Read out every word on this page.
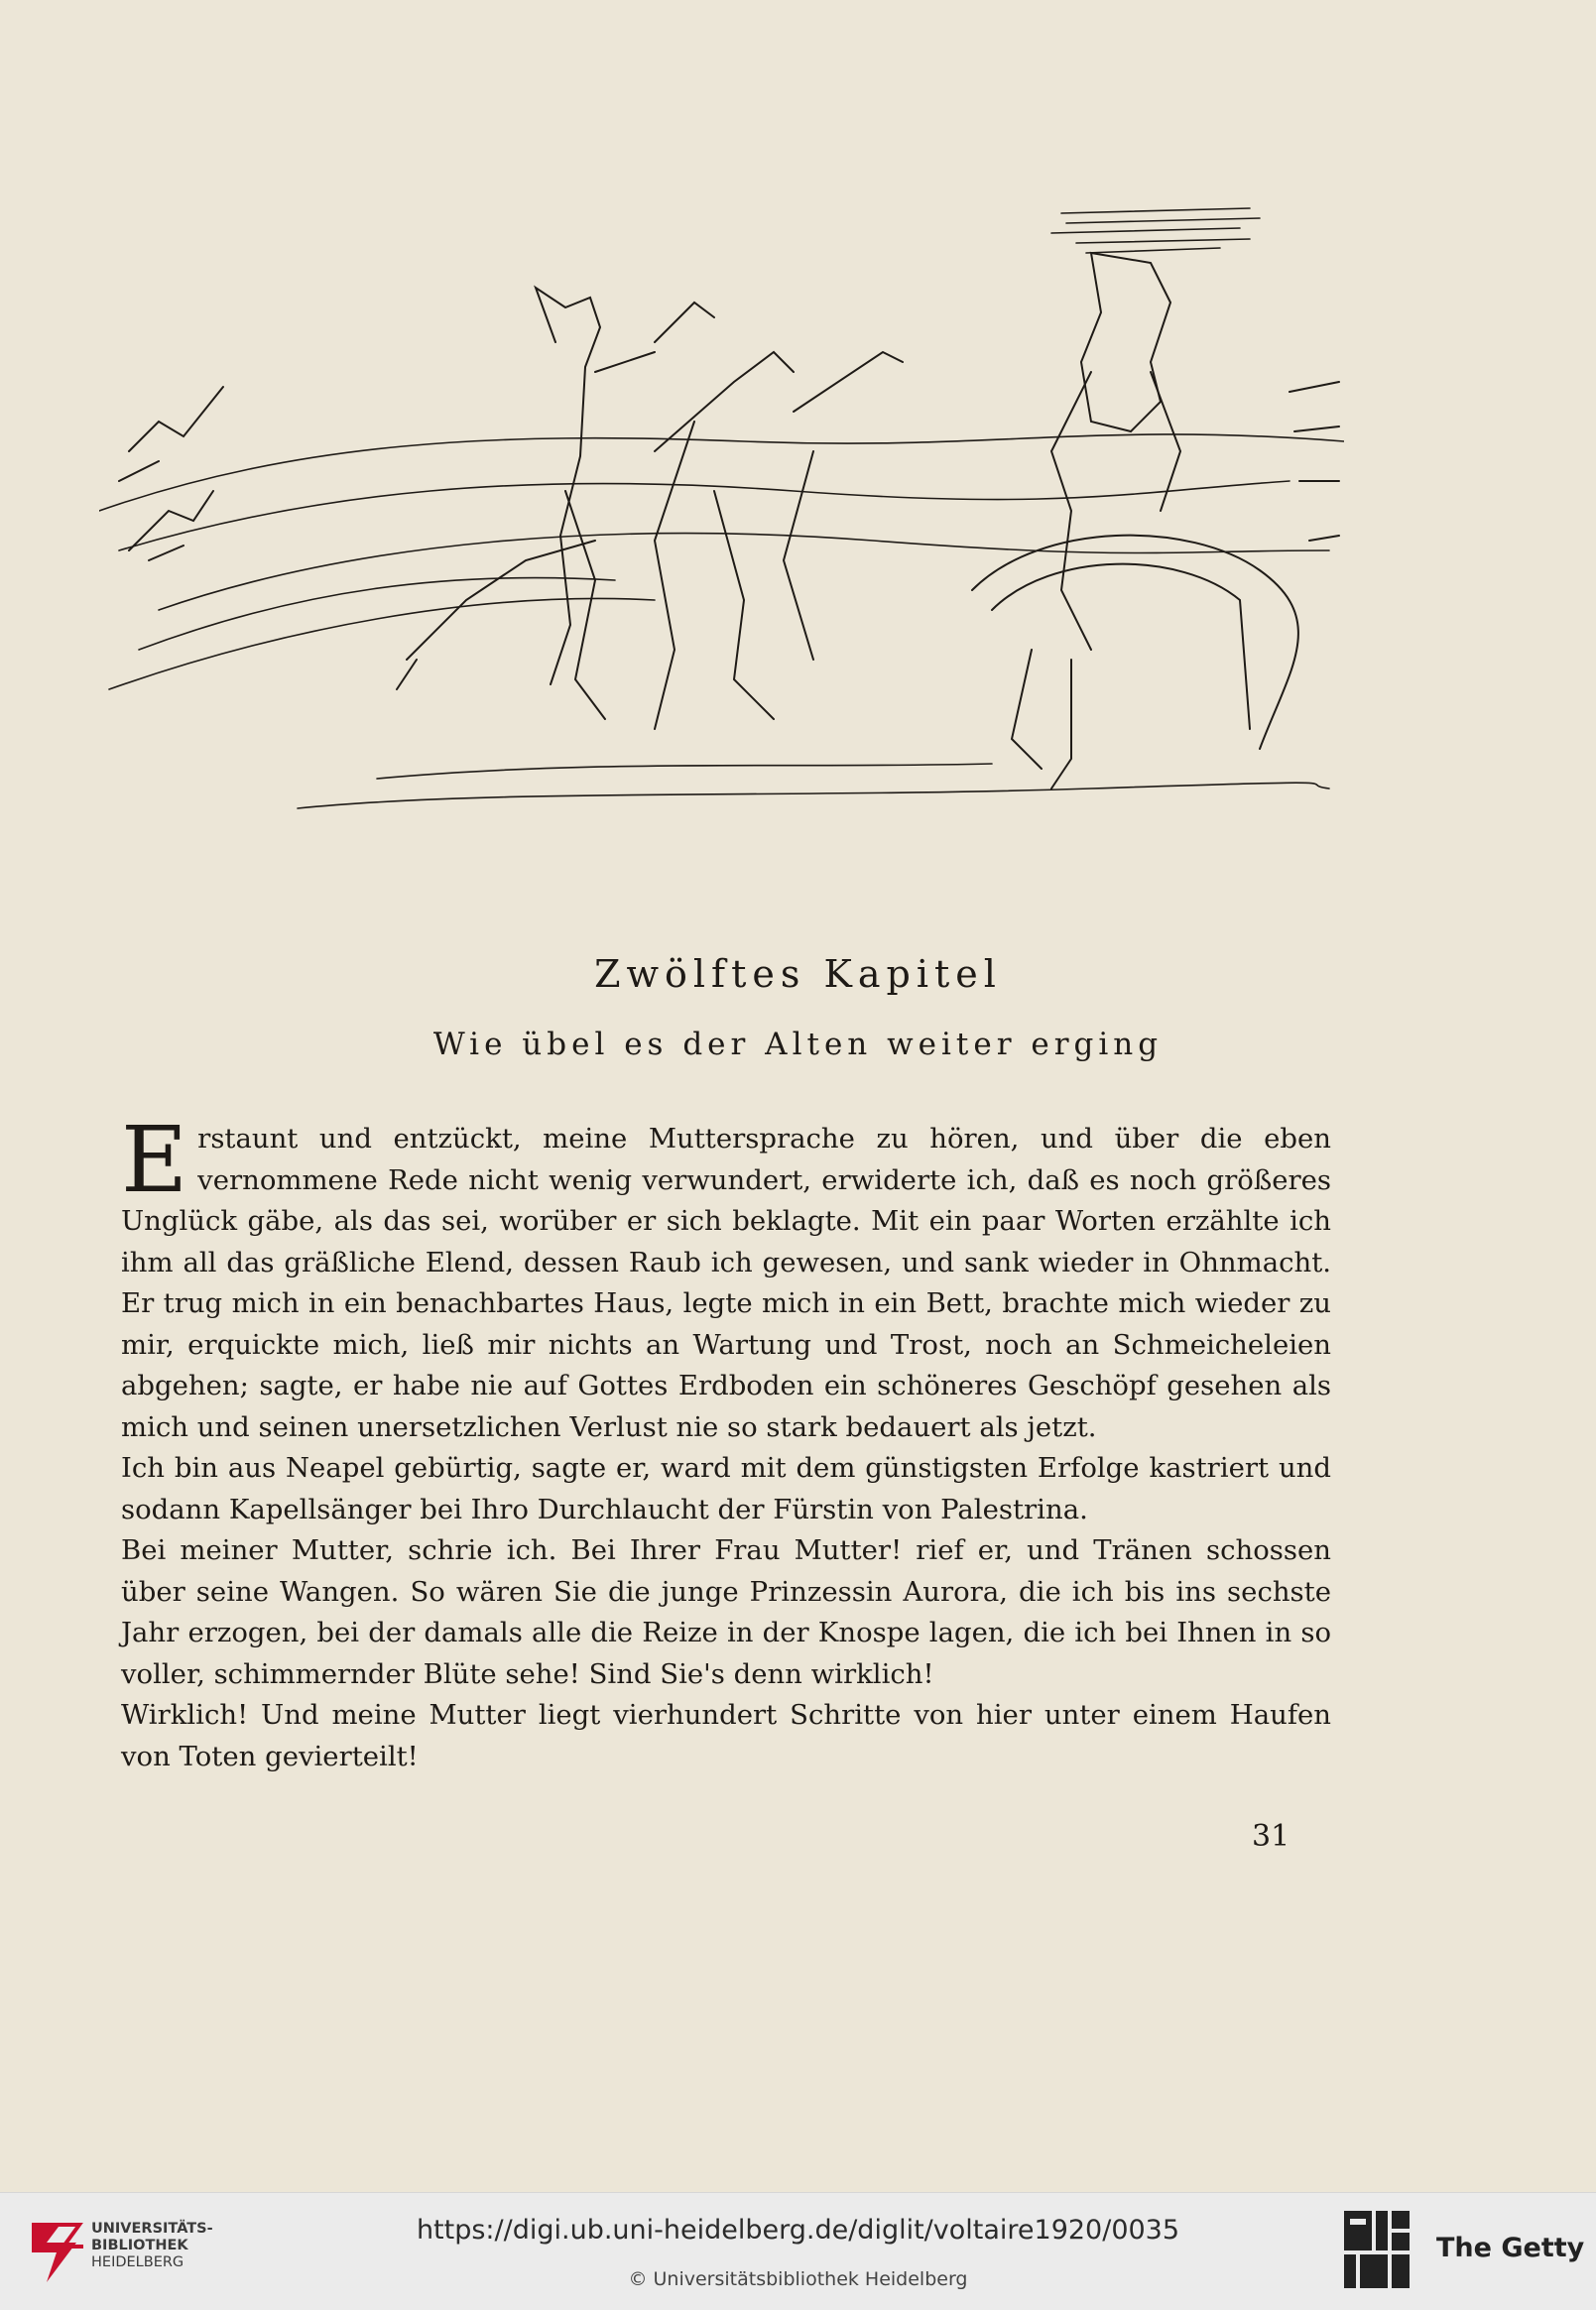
Zwölftes Kapitel
Wie übel es der Alten weiter erging

Erstaunt und entzückt, meine Muttersprache zu hören, und über die eben vernommene Rede nicht wenig verwundert, erwiderte ich, daß es noch größeres Unglück gäbe, als das sei, worüber er sich beklagte. Mit ein paar Worten erzählte ich ihm all das gräßliche Elend, dessen Raub ich gewesen, und sank wieder in Ohnmacht. Er trug mich in ein benachbartes Haus, legte mich in ein Bett, brachte mich wieder zu mir, erquickte mich, ließ mir nichts an Wartung und Trost, noch an Schmeicheleien abgehen; sagte, er habe nie auf Gottes Erdboden ein schöneres Geschöpf gesehen als mich und seinen unersetzlichen Verlust nie so stark bedauert als jetzt.

Ich bin aus Neapel gebürtig, sagte er, ward mit dem günstigsten Erfolge kastriert und sodann Kapellsänger bei Ihro Durchlaucht der Fürstin von Palestrina.

Bei meiner Mutter, schrie ich. Bei Ihrer Frau Mutter! rief er, und Tränen schossen über seine Wangen. So wären Sie die junge Prinzessin Aurora, die ich bis ins sechste Jahr erzogen, bei der damals alle die Reize in der Knospe lagen, die ich bei Ihnen in so voller, schimmernder Blüte sehe! Sind Sie's denn wirklich!

Wirklich! Und meine Mutter liegt vierhundert Schritte von hier unter einem Haufen von Toten gevierteilt!

31
UNIVERSITÄTS-
BIBLIOTHEK
HEIDELBERG
https://digi.ub.uni-heidelberg.de/diglit/voltaire1920/0035
© Universitätsbibliothek Heidelberg
The Getty
